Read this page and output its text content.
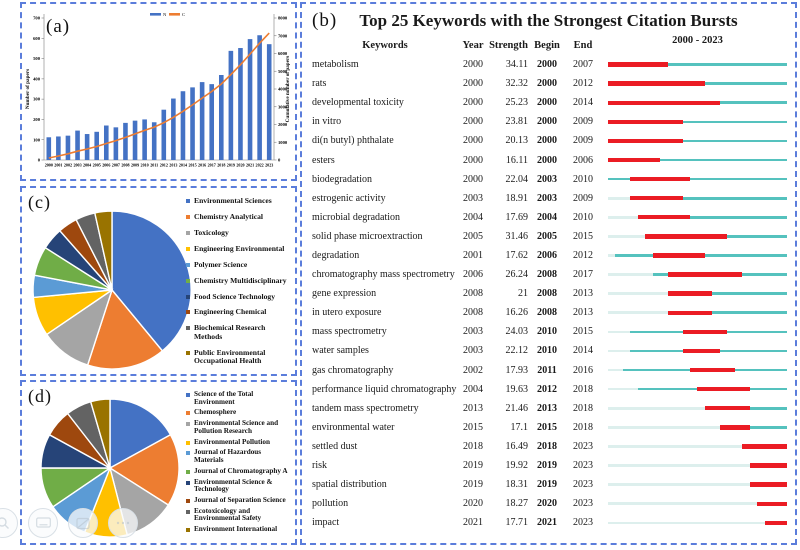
(a)
0
100
200
300
400
500
600
700
0
1000
2000
3000
4000
5000
6000
7000
8000
2000 2001 2002 2003 2004 2005 2006 2007 2008 2009 2010 2011 2012 2013 2014 2015 2016 2017 2018 2019 2020 2021 2022 2023
N	C
Number of papers	Cumulative number of papers
(b)	Top 25 Keywords with the Strongest Citation Bursts
Keywords	Year Strength Begin	End	2000 - 2023
metabolism	2000	34.11 2000	2007
rats	2000	32.32 2000	2012
developmental toxicity	2000	25.23 2000	2014
in vitro	2000	23.81 2000	2009
di(n butyl) phthalate	2000	20.13 2000	2009
esters	2000	16.11 2000	2006
biodegradation	2000	22.04 2003	2010
estrogenic activity	2003	18.91 2003	2009
microbial degradation	2004	17.69 2004	2010
solid phase microextraction	2005	31.46 2005	2015
degradation	2001	17.62 2006	2012
chromatography mass spectrometry 2006	26.24 2008	2017
gene expression	2008	21 2008	2013
in utero exposure	2008	16.26 2008	2013
mass spectrometry	2003	24.03 2010	2015
water samples	2003	22.12 2010	2014
gas chromatography	2002	17.93 2011	2016
performance liquid chromatography 2004	19.63 2012	2018
tandem mass spectrometry	2013	21.46 2013	2018
environmental water	2015	17.1 2015	2018
settled dust	2018	16.49 2018	2023
risk	2019	19.92 2019	2023
spatial distribution	2019	18.31 2019	2023
pollution	2020	18.27 2020	2023
impact	2021	17.71 2021	2023
(c)	Environmental Sciences
Chemistry Analytical
Toxicology
Engineering Environmental
Polymer Science
Chemistry Multidisciplinary
Food Science Technology
Engineering Chemical
Biochemical Research Methods
Public Environmental Occupational Health
(d)	Science of the Total Environment
Chemosphere
Environmental Science and Pollution Research
Environmental Pollution
Journal of Hazardous Materials
Journal of Chromatography A
Environmental Science & Technology
Journal of Separation Science
Ecotoxicology and Environmental Safety
Environment International
